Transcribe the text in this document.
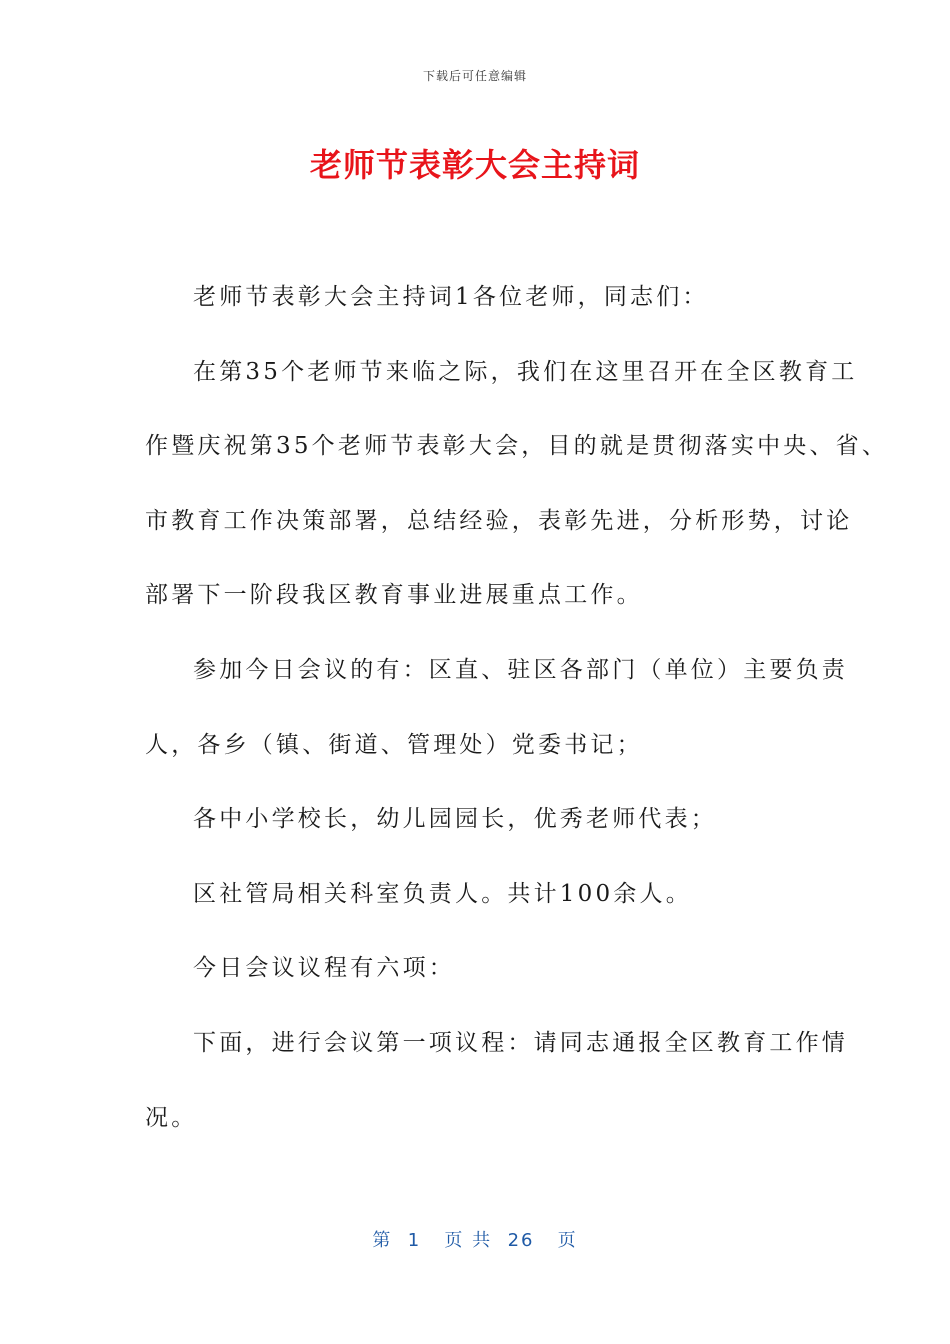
下载后可任意编辑
老师节表彰大会主持词
老师节表彰大会主持词1各位老师，同志们：
在第35个老师节来临之际，我们在这里召开在全区教育工
作暨庆祝第35个老师节表彰大会，目的就是贯彻落实中央、省、
市教育工作决策部署，总结经验，表彰先进，分析形势，讨论
部署下一阶段我区教育事业进展重点工作。
参加今日会议的有：区直、驻区各部门（单位）主要负责
人，各乡（镇、街道、管理处）党委书记；
各中小学校长，幼儿园园长，优秀老师代表；
区社管局相关科室负责人。共计100余人。
今日会议议程有六项：
下面，进行会议第一项议程：请同志通报全区教育工作情
况。
第  1   页 共  26   页
